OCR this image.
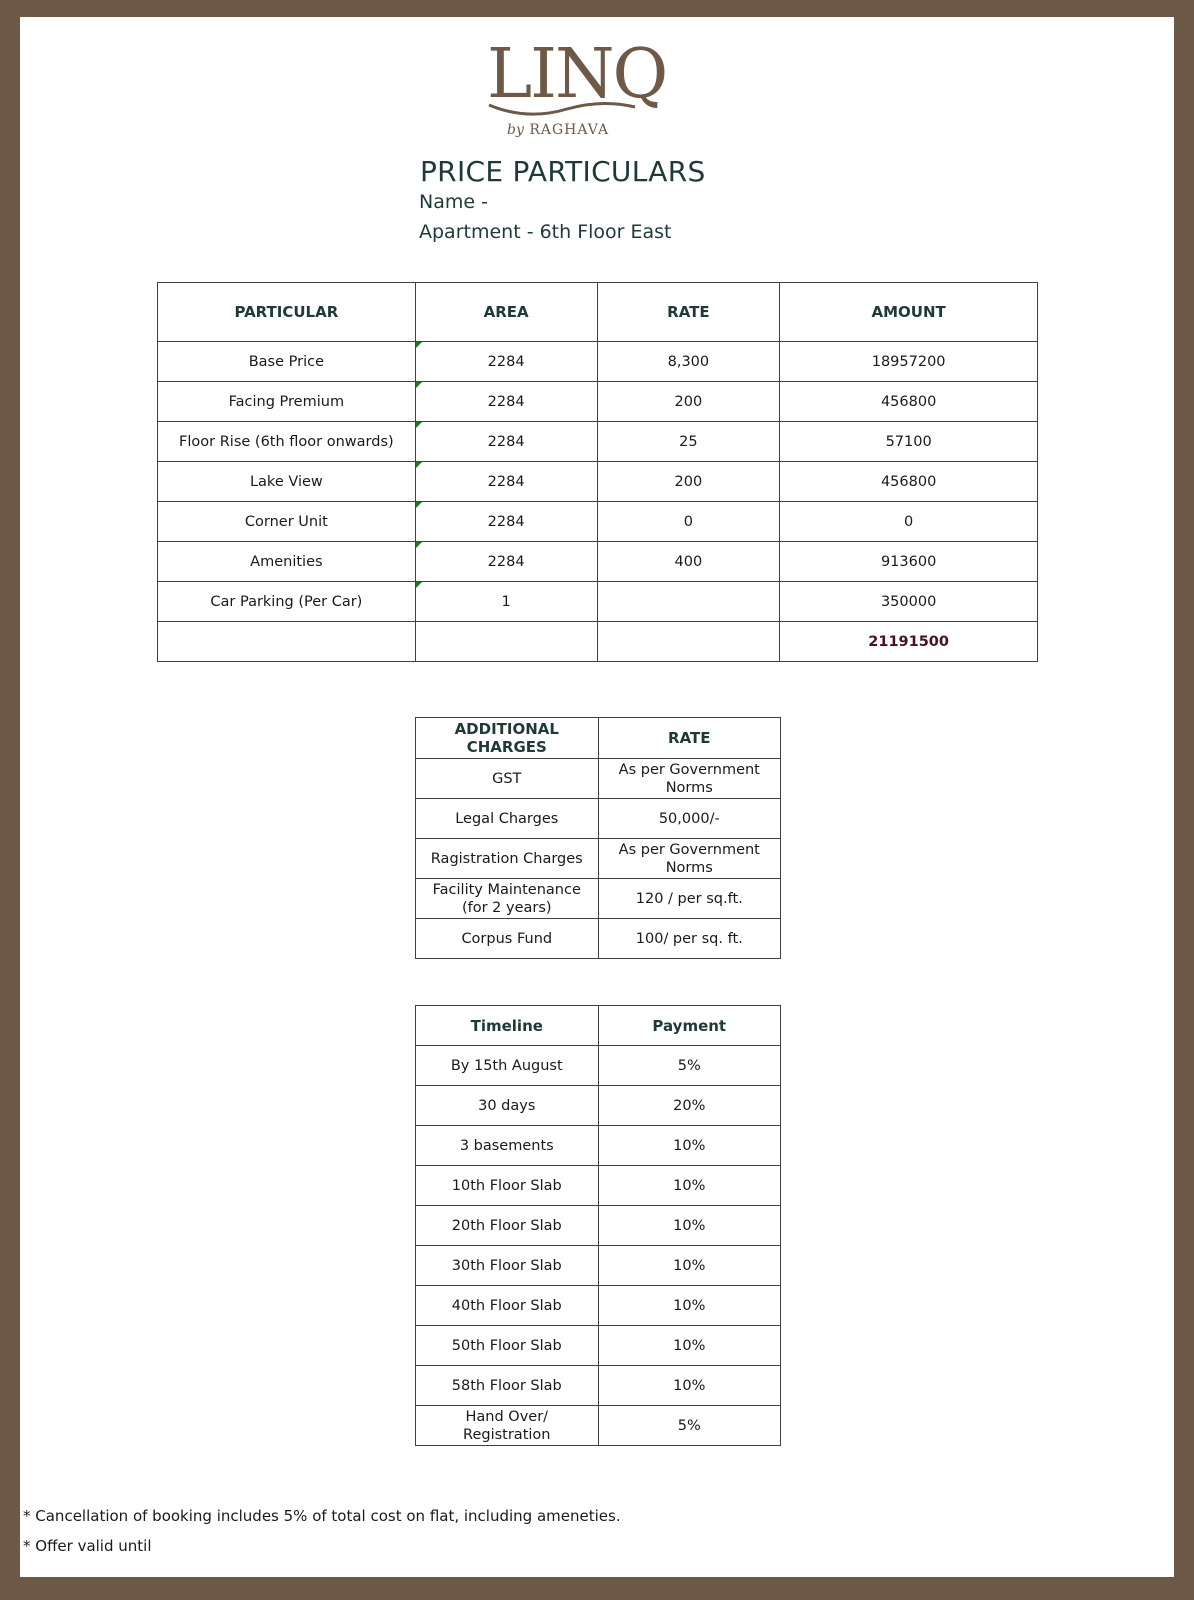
LINQ
by RAGHAVA
PRICE PARTICULARS
Name -
Apartment - 6th Floor East
PARTICULAR	AREA	RATE	AMOUNT
Base Price	2284	8,300	18957200
Facing Premium	2284	200	456800
Floor Rise (6th floor onwards)	2284	25	57100
Lake View	2284	200	456800
Corner Unit	2284	0	0
Amenities	2284	400	913600
Car Parking (Per Car)	1		350000
			21191500
ADDITIONAL CHARGES	RATE
GST	As per Government Norms
Legal Charges	50,000/-
Ragistration Charges	As per Government Norms
Facility Maintenance (for 2 years)	120 / per sq.ft.
Corpus Fund	100/ per sq. ft.
Timeline	Payment
By 15th August	5%
30 days	20%
3 basements	10%
10th Floor Slab	10%
20th Floor Slab	10%
30th Floor Slab	10%
40th Floor Slab	10%
50th Floor Slab	10%
58th Floor Slab	10%
Hand Over/ Registration	5%
* Cancellation of booking includes 5% of total cost on flat, including ameneties.
* Offer valid until
